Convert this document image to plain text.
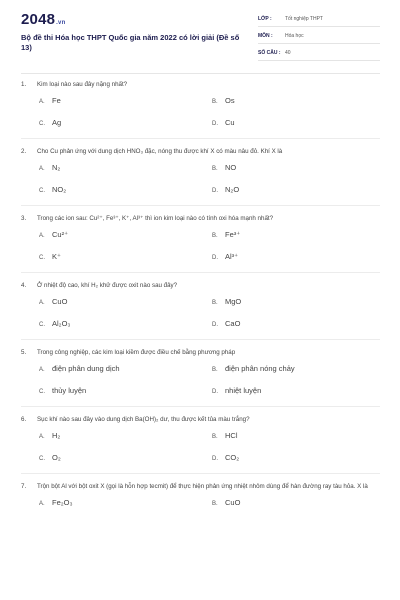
2048.vn
Bộ đề thi Hóa học THPT Quốc gia năm 2022 có lời giải (Đề số 13)
LỚP :	Tốt nghiệp THPT
MÔN :	Hóa học
SỐ CÂU : 40
1.	Kim loại nào sau đây nặng nhất?
A. Fe	B. Os
C. Ag	D. Cu
2.	Cho Cu phản ứng với dung dịch HNO₃ đặc, nóng thu được khí X có màu nâu đỏ. Khí X là
A. N₂	B. NO
C. NO₂	D. N₂O
3.	Trong các ion sau: Cu²⁺, Fe³⁺, K⁺, Al³⁺ thì ion kim loại nào có tính oxi hóa mạnh nhất?
A. Cu²⁺	B. Fe³⁺
C. K⁺	D. Al³⁺
4.	Ở nhiệt độ cao, khí H₂ khử được oxit nào sau đây?
A. CuO	B. MgO
C. Al₂O₃	D. CaO
5.	Trong công nghiệp, các kim loại kiềm được điều chế bằng phương pháp
A. điện phân dung dịch	B. điện phân nóng chảy
C. thủy luyện	D. nhiệt luyện
6.	Sục khí nào sau đây vào dung dịch Ba(OH)₂ dư, thu được kết tủa màu trắng?
A. H₂	B. HCl
C. O₂	D. CO₂
7.	Trộn bột Al với bột oxit X (gọi là hỗn hợp tecmit) để thực hiện phản ứng nhiệt nhôm dùng để hàn đường ray tàu hỏa. X là
A. Fe₂O₃	B. CuO
